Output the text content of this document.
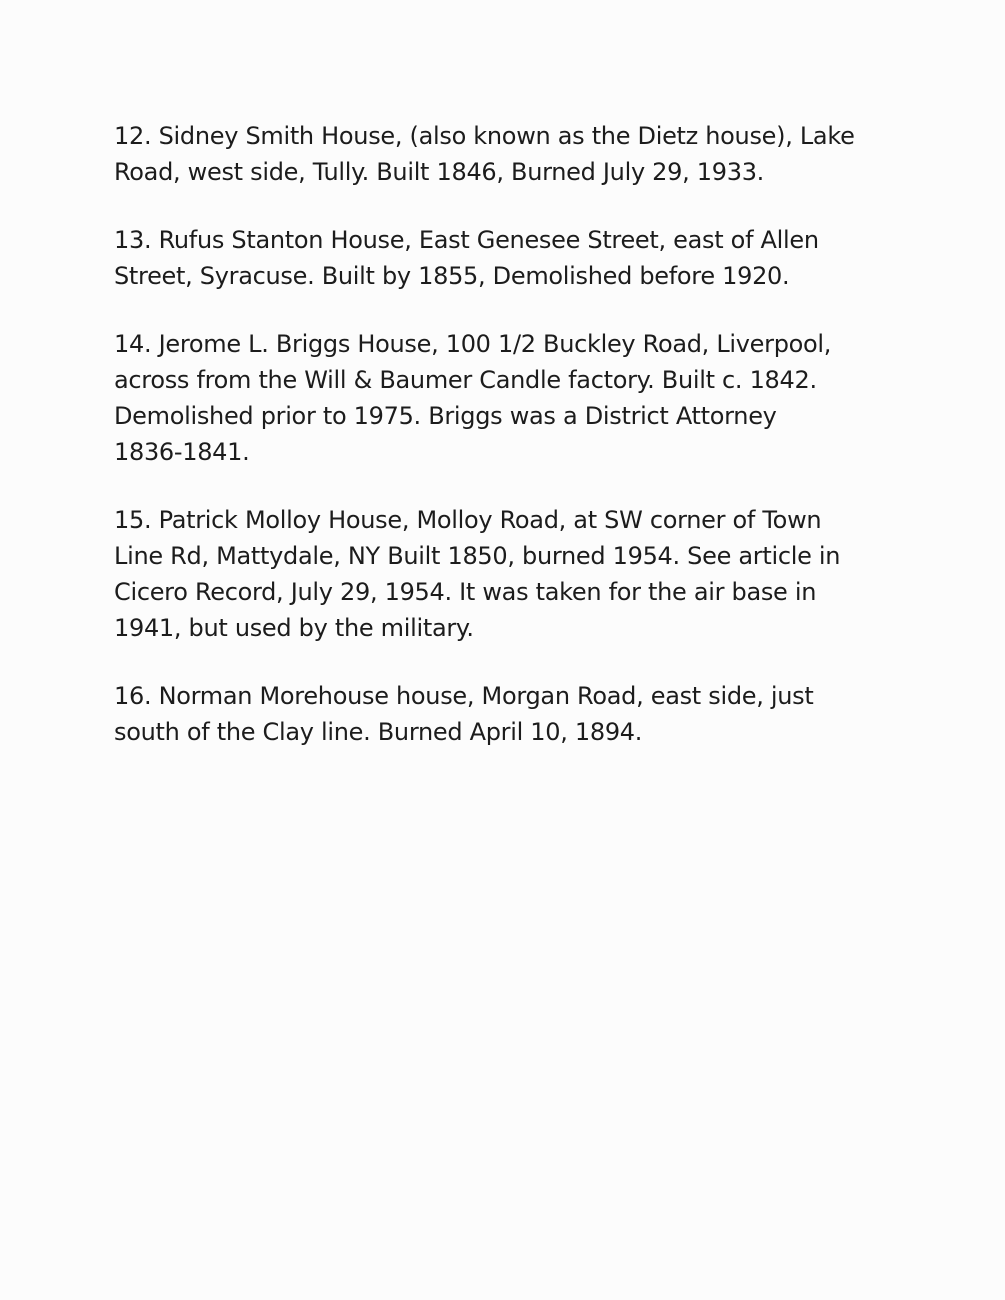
12. Sidney Smith House, (also known as the Dietz house), Lake
Road, west side, Tully. Built 1846, Burned July 29, 1933.

13. Rufus Stanton House, East Genesee Street, east of Allen
Street, Syracuse. Built by 1855, Demolished before 1920.

14. Jerome L. Briggs House, 100 1/2 Buckley Road, Liverpool,
across from the Will & Baumer Candle factory. Built c. 1842.
Demolished prior to 1975. Briggs was a District Attorney
1836-1841.

15. Patrick Molloy House, Molloy Road, at SW corner of Town
Line Rd, Mattydale, NY Built 1850, burned 1954. See article in
Cicero Record, July 29, 1954. It was taken for the air base in
1941, but used by the military.

16. Norman Morehouse house, Morgan Road, east side, just
south of the Clay line. Burned April 10, 1894.
